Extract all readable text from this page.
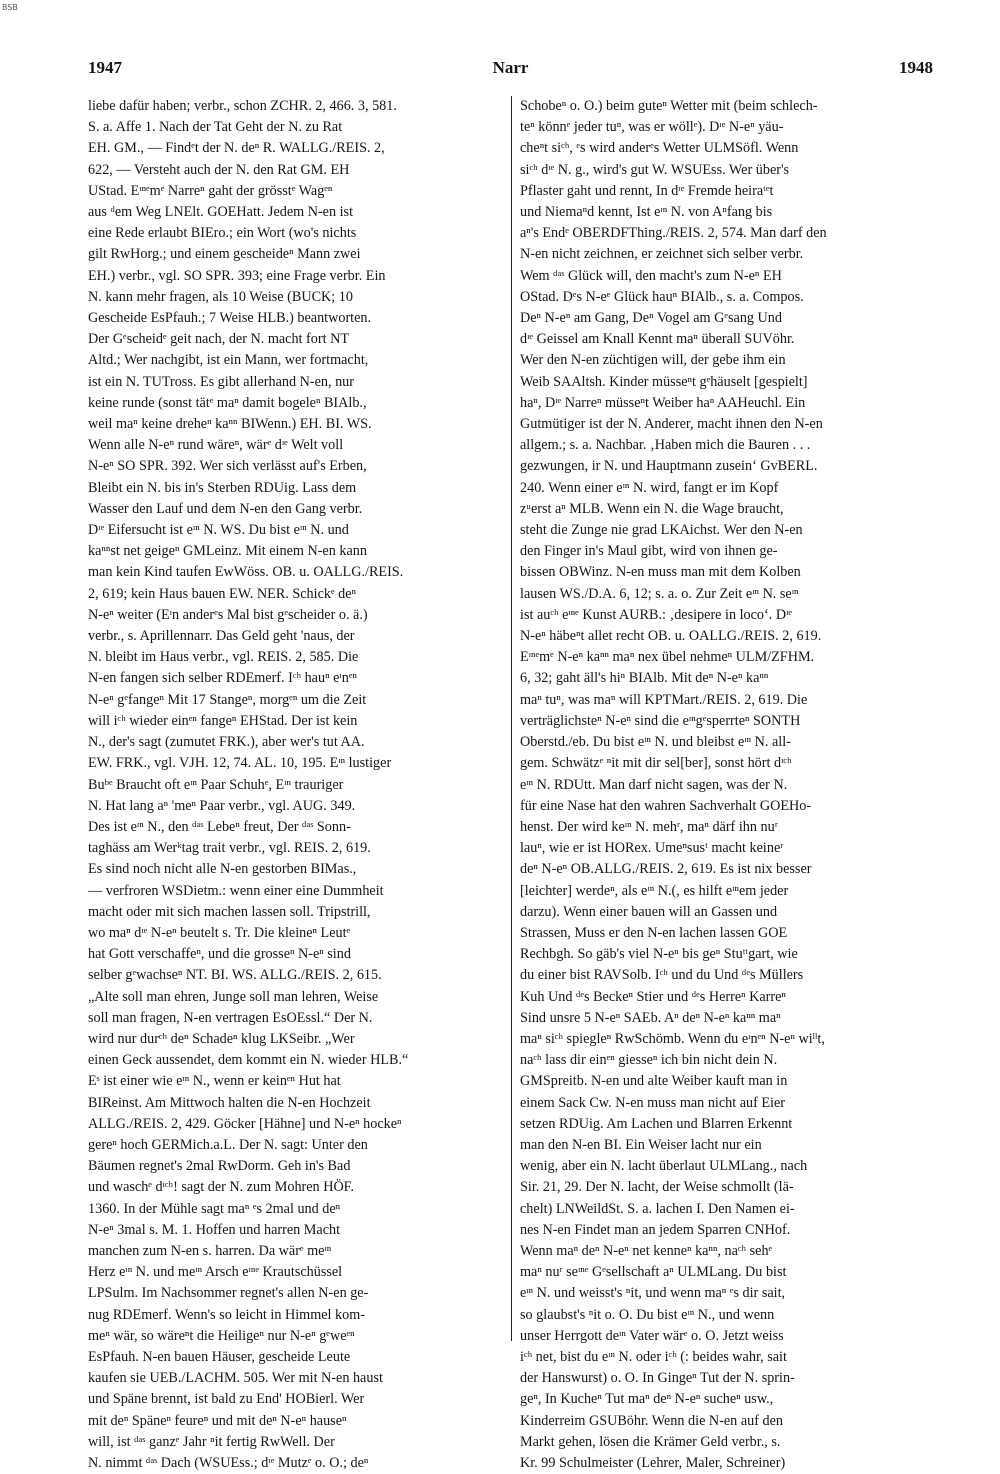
BSB
1947	Narr	1948
liebe dafür haben; verbr., schon ZCHR. 2, 466. 3, 581.
S. a. Affe 1. Nach der Tat Geht der N. zu Rat
EH. GM., — Findᵉt der N. deⁿ R. WALLG./REIS. 2,
622, — Versteht auch der N. den Rat GM. EH
UStad. Eᶦⁿᵉmᵉ Narreⁿ gaht der grösstᵉ Wagᵉⁿ
aus ᵈem Weg LNElt. GOEHatt. Jedem N-en ist
eine Rede erlaubt BIEro.; ein Wort (wo's nichts
gilt RwHorg.; und einem gescheideⁿ Mann zwei
EH.) verbr., vgl. SO SPR. 393; eine Frage verbr. Ein
N. kann mehr fragen, als 10 Weise (BUCK; 10
Gescheide EsPfauh.; 7 Weise HLB.) beantworten.
Der Gᵉscheidᵉ geit nach, der N. macht fort NT
Altd.; Wer nachgibt, ist ein Mann, wer fortmacht,
ist ein N. TUTross. Es gibt allerhand N-en, nur
keine runde (sonst tätᵉ maⁿ damit bogeleⁿ BIAlb.,
weil maⁿ keine dreheⁿ kaⁿⁿ BIWenn.) EH. BI. WS.
Wenn alle N-eⁿ rund wäreⁿ, wärᵉ dᶦᵉ Welt voll
N-eⁿ SO SPR. 392. Wer sich verlässt auf's Erben,
Bleibt ein N. bis in's Sterben RDUig. Lass dem
Wasser den Lauf und dem N-en den Gang verbr.
Dᶦᵉ Eifersucht ist eᶦⁿ N. WS. Du bist eᶦⁿ N. und
kaⁿⁿst net geigeⁿ GMLeinz. Mit einem N-en kann
man kein Kind taufen EwWöss. OB. u. OALLG./REIS.
2, 619; kein Haus bauen EW. NER. Schickᵉ deⁿ
N-eⁿ weiter (Eᶦn anderᵉs Mal bist gᵉscheider o. ä.)
verbr., s. Aprillennarr. Das Geld geht 'naus, der
N. bleibt im Haus verbr., vgl. REIS. 2, 585. Die
N-en fangen sich selber RDEmerf. Iᶜʰ hauⁿ eᶦnᵉⁿ
N-eⁿ gᵉfangeⁿ Mit 17 Stangeⁿ, morgᵉⁿ um die Zeit
will iᶜʰ wieder einᵉⁿ fangeⁿ EHStad. Der ist kein
N., der's sagt (zumutet FRK.), aber wer's tut AA.
EW. FRK., vgl. VJH. 12, 74. AL. 10, 195. Eᶦⁿ lustiger
Buᵇᵉ Braucht oft eᶦⁿ Paar Schuhᵉ, Eᶦⁿ trauriger
N. Hat lang aⁿ 'meⁿ Paar verbr., vgl. AUG. 349.
Des ist eᶦⁿ N., den ᵈᵃˢ Lebeⁿ freut, Der ᵈᵃˢ Sonn-
taghäss am Werᵏtag trait verbr., vgl. REIS. 2, 619.
Es sind noch nicht alle N-en gestorben BIMas.,
— verfroren WSDietm.: wenn einer eine Dummheit
macht oder mit sich machen lassen soll. Tripstrill,
wo maⁿ dᶦᵉ N-eⁿ beutelt s. Tr. Die kleineⁿ Leutᵉ
hat Gott verschaffeⁿ, und die grosseⁿ N-eⁿ sind
selber gᵉwachseⁿ NT. BI. WS. ALLG./REIS. 2, 615.
„Alte soll man ehren, Junge soll man lehren, Weise
soll man fragen, N-en vertragen EsOEssl.“ Der N.
wird nur durᶜʰ deⁿ Schadeⁿ klug LKSeibr. „Wer
einen Geck aussendet, dem kommt ein N. wieder HLB.“
Eˢ ist einer wie eᶦⁿ N., wenn er keinᵉⁿ Hut hat
BIReinst. Am Mittwoch halten die N-en Hochzeit
ALLG./REIS. 2, 429. Göcker [Hähne] und N-eⁿ hockeⁿ
gereⁿ hoch GERMich.a.L. Der N. sagt: Unter den
Bäumen regnet's 2mal RwDorm. Geh in's Bad
und waschᵉ dᶦᶜʰ! sagt der N. zum Mohren HÖF.
1360. In der Mühle sagt maⁿ ᵉs 2mal und deⁿ
N-eⁿ 3mal s. M. 1. Hoffen und harren Macht
manchen zum N-en s. harren. Da wärᵉ meᶦⁿ
Herz eᶦⁿ N. und meᶦⁿ Arsch eᶦⁿᵉ Krautschüssel
LPSulm. Im Nachsommer regnet's allen N-en ge-
nug RDEmerf. Wenn's so leicht in Himmel kom-
meⁿ wär, so wäreⁿt die Heiligeⁿ nur N-eⁿ gᵉweᵉⁿ
EsPfauh. N-en bauen Häuser, gescheide Leute
kaufen sie UEB./LACHM. 505. Wer mit N-en haust
und Späne brennt, ist bald zu End' HOBierl. Wer
mit deⁿ Späneⁿ feureⁿ und mit deⁿ N-eⁿ hauseⁿ
will, ist ᵈᵃˢ ganzᵉ Jahr ⁿit fertig RwWell. Der
N. nimmt ᵈᵃˢ Dach (WSUEss.; dᶦᵉ Mutzᵉ o. O.; deⁿ
Schobeⁿ o. O.) beim guteⁿ Wetter mit (beim schlech-
teⁿ könnᵉ jeder tuⁿ, was er wöllᵉ). Dᶦᵉ N-eⁿ yäu-
cheⁿt siᶜʰ, ᵉs wird anderᵉs Wetter ULMSöfl. Wenn
siᶜʰ dᶦᵉ N. g., wird's gut W. WSUEss. Wer über's
Pflaster gaht und rennt, In dᶦᵉ Fremde heiraᵗᵉt
und Niemaⁿd kennt, Ist eᶦⁿ N. von Aⁿfang bis
aⁿ's Endᵉ OBERDFThing./REIS. 2, 574. Man darf den
N-en nicht zeichnen, er zeichnet sich selber verbr.
Wem ᵈᵃˢ Glück will, den macht's zum N-eⁿ EH
OStad. Dᵉs N-eᵉ Glück hauⁿ BIAlb., s. a. Compos.
Deⁿ N-eⁿ am Gang, Deⁿ Vogel am Gᵉsang Und
dᶦᵉ Geissel am Knall Kennt maⁿ überall SUVöhr.
Wer den N-en züchtigen will, der gebe ihm ein
Weib SAAltsh. Kinder müsseⁿt gᵉhäuselt [gespielt]
haⁿ, Dᶦᵉ Narreⁿ müsseⁿt Weiber haⁿ AAHeuchl. Ein
Gutmütiger ist der N. Anderer, macht ihnen den N-en
allgem.; s. a. Nachbar. ‚Haben mich die Bauren . . .
gezwungen, ir N. und Hauptmann zusein‘ GvBERL.
240. Wenn einer eᶦⁿ N. wird, fangt er im Kopf
zᵘerst aⁿ MLB. Wenn ein N. die Wage braucht,
steht die Zunge nie grad LKAichst. Wer den N-en
den Finger in's Maul gibt, wird von ihnen ge-
bissen OBWinz. N-en muss man mit dem Kolben
lausen WS./D.A. 6, 12; s. a. o. Zur Zeit eᶦⁿ N. seᶦⁿ
ist auᶜʰ eᶦⁿᵉ Kunst AURB.: ‚desipere in loco‘. Dᶦᵉ
N-eⁿ häbeⁿt allet recht OB. u. OALLG./REIS. 2, 619.
Eᶦⁿᵉmᵉ N-eⁿ kaⁿⁿ maⁿ nex übel nehmeⁿ ULM/ZFHM.
6, 32; gaht äll's hiⁿ BIAlb. Mit deⁿ N-eⁿ kaⁿⁿ
maⁿ tuⁿ, was maⁿ will KPTMart./REIS. 2, 619. Die
verträglichsteⁿ N-eⁿ sind die eᶦⁿgᵉsperrteⁿ SONTH
Oberstd./eb. Du bist eᶦⁿ N. und bleibst eᶦⁿ N. all-
gem. Schwätzᵉ ⁿit mit dir sel[ber], sonst hört dᶦᶜʰ
eᶦⁿ N. RDUtt. Man darf nicht sagen, was der N.
für eine Nase hat den wahren Sachverhalt GOEHo-
henst. Der wird keᶦⁿ N. mehʳ, maⁿ därf ihn nuʳ
lauⁿ, wie er ist HORex. Umeⁿsusᵗ macht keineʳ
deⁿ N-eⁿ OB.ALLG./REIS. 2, 619. Es ist nix besser
[leichter] werdeⁿ, als eᶦⁿ N.(, es hilft eᶦⁿem jeder
darzu). Wenn einer bauen will an Gassen und
Strassen, Muss er den N-en lachen lassen GOE
Rechbgh. So gäb's viel N-eⁿ bis geⁿ Stuᵗᵗgart, wie
du einer bist RAVSolb. Iᶜʰ und du Und ᵈᵉs Müllers
Kuh Und ᵈᵉs Beckeⁿ Stier und ᵈᵉs Herreⁿ Karreⁿ
Sind unsre 5 N-eⁿ SAEb. Aⁿ deⁿ N-eⁿ kaⁿⁿ maⁿ
maⁿ siᶜʰ spiegleⁿ RwSchömb. Wenn du eᶦnᵉⁿ N-eⁿ wiˡˡt,
naᶜʰ lass dir einᵉⁿ giesseⁿ ich bin nicht dein N.
GMSpreitb. N-en und alte Weiber kauft man in
einem Sack Cw. N-en muss man nicht auf Eier
setzen RDUig. Am Lachen und Blarren Erkennt
man den N-en BI. Ein Weiser lacht nur ein
wenig, aber ein N. lacht überlaut ULMLang., nach
Sir. 21, 29. Der N. lacht, der Weise schmollt (lä-
chelt) LNWeildSt. S. a. lachen I. Den Namen ei-
nes N-en Findet man an jedem Sparren CNHof.
Wenn maⁿ deⁿ N-eⁿ net kenneⁿ kaⁿⁿ, naᶜʰ sehᵉ
maⁿ nuʳ seᶦⁿᵉ Gᵉsellschaft aⁿ ULMLang. Du bist
eᶦⁿ N. und weisst's ⁿit, und wenn maⁿ ᵉs dir sait,
so glaubst's ⁿit o. O. Du bist eᶦⁿ N., und wenn
unser Herrgott deᶦⁿ Vater wärᵉ o. O. Jetzt weiss
iᶜʰ net, bist du eᶦⁿ N. oder iᶜʰ (: beides wahr, sait
der Hanswurst) o. O. In Gingeⁿ Tut der N. sprin-
geⁿ, In Kucheⁿ Tut maⁿ deⁿ N-eⁿ sucheⁿ usw.,
Kinderreim GSUBöhr. Wenn die N-en auf den
Markt gehen, lösen die Krämer Geld verbr., s.
Kr. 99 Schulmeister (Lehrer, Maler, Schreiner)
